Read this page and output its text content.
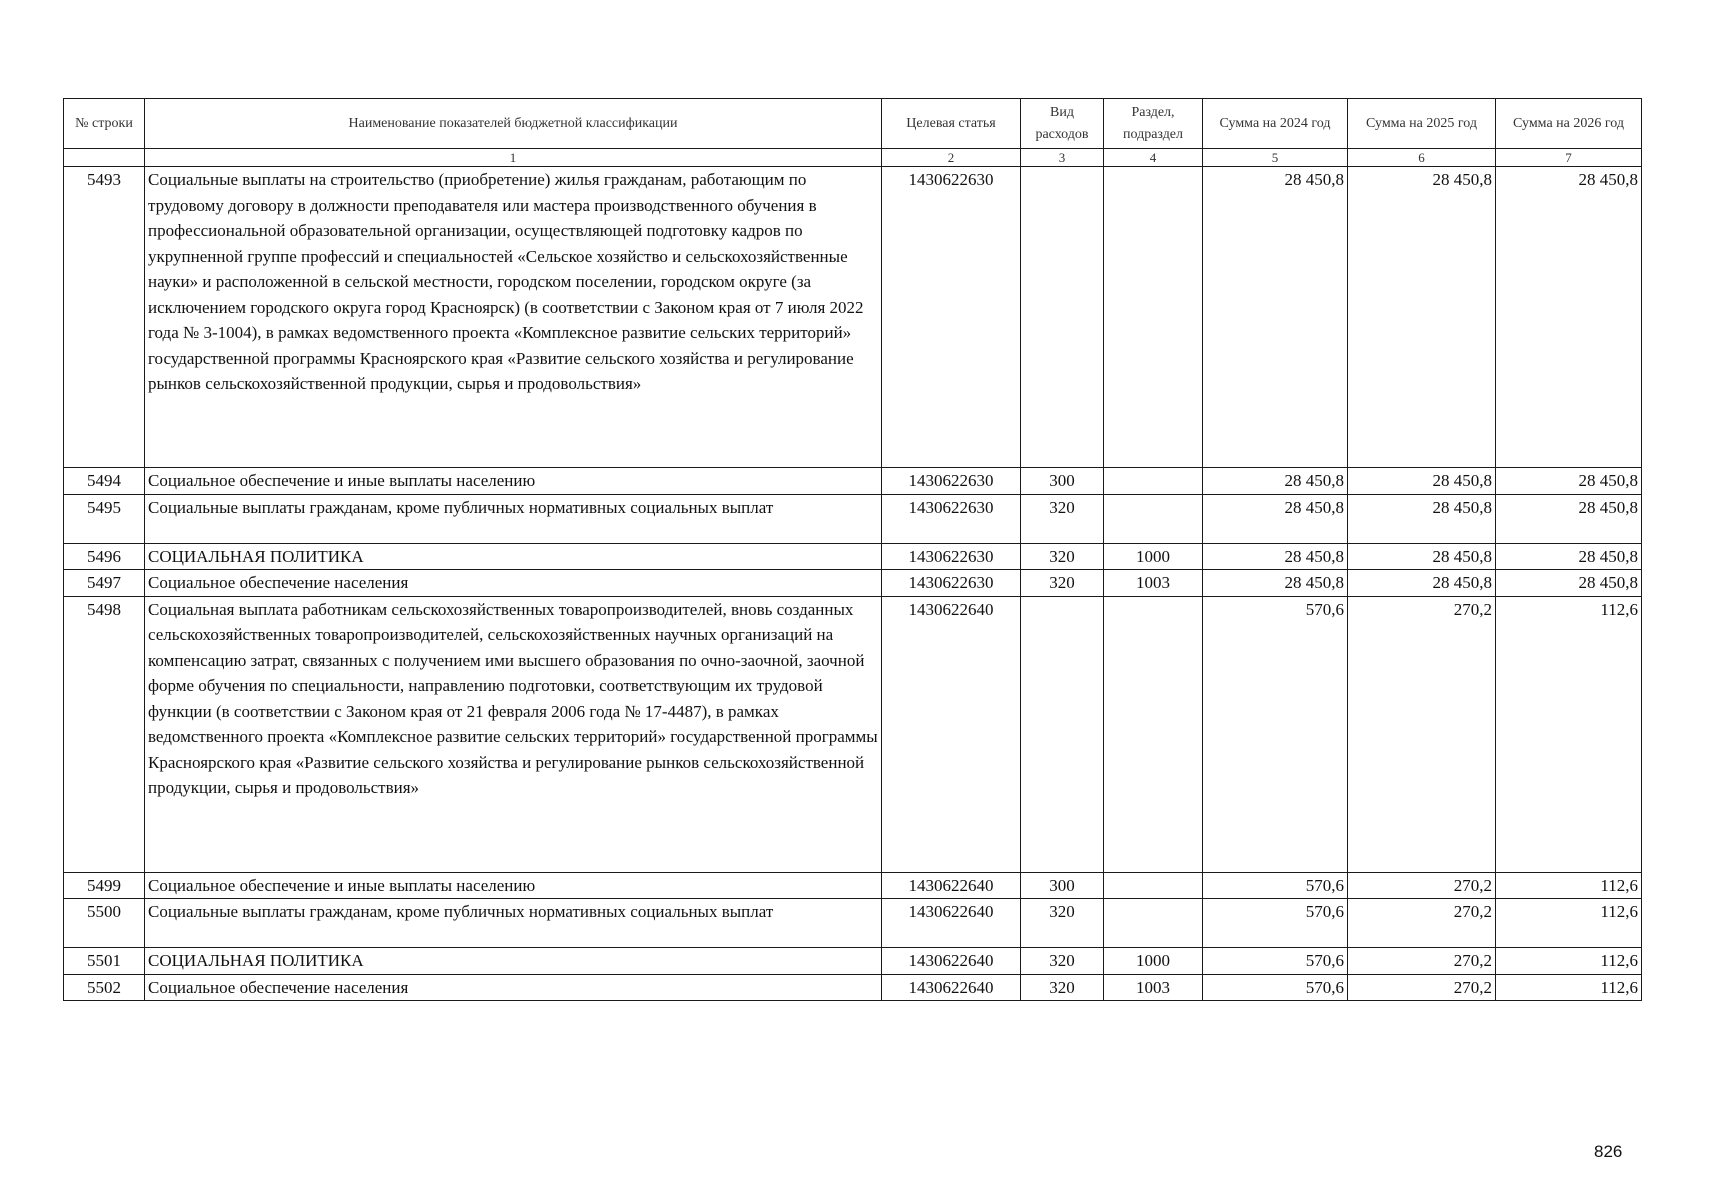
№ строки	Наименование показателей бюджетной классификации	Целевая статья	Вид расходов	Раздел, подраздел	Сумма на 2024 год	Сумма на 2025 год	Сумма на 2026 год
	1	2	3	4	5	6	7
5493	Социальные выплаты на строительство (приобретение) жилья гражданам, работающим по трудовому договору в должности преподавателя или мастера производственного обучения в профессиональной образовательной организации, осуществляющей подготовку кадров по укрупненной группе профессий и специальностей «Сельское хозяйство и сельскохозяйственные науки» и расположенной в сельской местности, городском поселении, городском округе (за исключением городского округа город Красноярск) (в соответствии с Законом края от 7 июля 2022 года № 3-1004), в рамках ведомственного проекта «Комплексное развитие сельских территорий» государственной программы Красноярского края «Развитие сельского хозяйства и регулирование рынков сельскохозяйственной продукции, сырья и продовольствия»	1430622630			28 450,8	28 450,8	28 450,8
5494	Социальное обеспечение и иные выплаты населению	1430622630	300		28 450,8	28 450,8	28 450,8
5495	Социальные выплаты гражданам, кроме публичных нормативных социальных выплат	1430622630	320		28 450,8	28 450,8	28 450,8
5496	СОЦИАЛЬНАЯ ПОЛИТИКА	1430622630	320	1000	28 450,8	28 450,8	28 450,8
5497	Социальное обеспечение населения	1430622630	320	1003	28 450,8	28 450,8	28 450,8
5498	Социальная выплата работникам сельскохозяйственных товаропроизводителей, вновь созданных сельскохозяйственных товаропроизводителей, сельскохозяйственных научных организаций на компенсацию затрат, связанных с получением ими высшего образования по очно-заочной, заочной форме обучения по специальности, направлению подготовки, соответствующим их трудовой функции (в соответствии с Законом края от 21 февраля 2006 года № 17-4487), в рамках ведомственного проекта «Комплексное развитие сельских территорий» государственной программы Красноярского края «Развитие сельского хозяйства и регулирование рынков сельскохозяйственной продукции, сырья и продовольствия»	1430622640			570,6	270,2	112,6
5499	Социальное обеспечение и иные выплаты населению	1430622640	300		570,6	270,2	112,6
5500	Социальные выплаты гражданам, кроме публичных нормативных социальных выплат	1430622640	320		570,6	270,2	112,6
5501	СОЦИАЛЬНАЯ ПОЛИТИКА	1430622640	320	1000	570,6	270,2	112,6
5502	Социальное обеспечение населения	1430622640	320	1003	570,6	270,2	112,6
826
